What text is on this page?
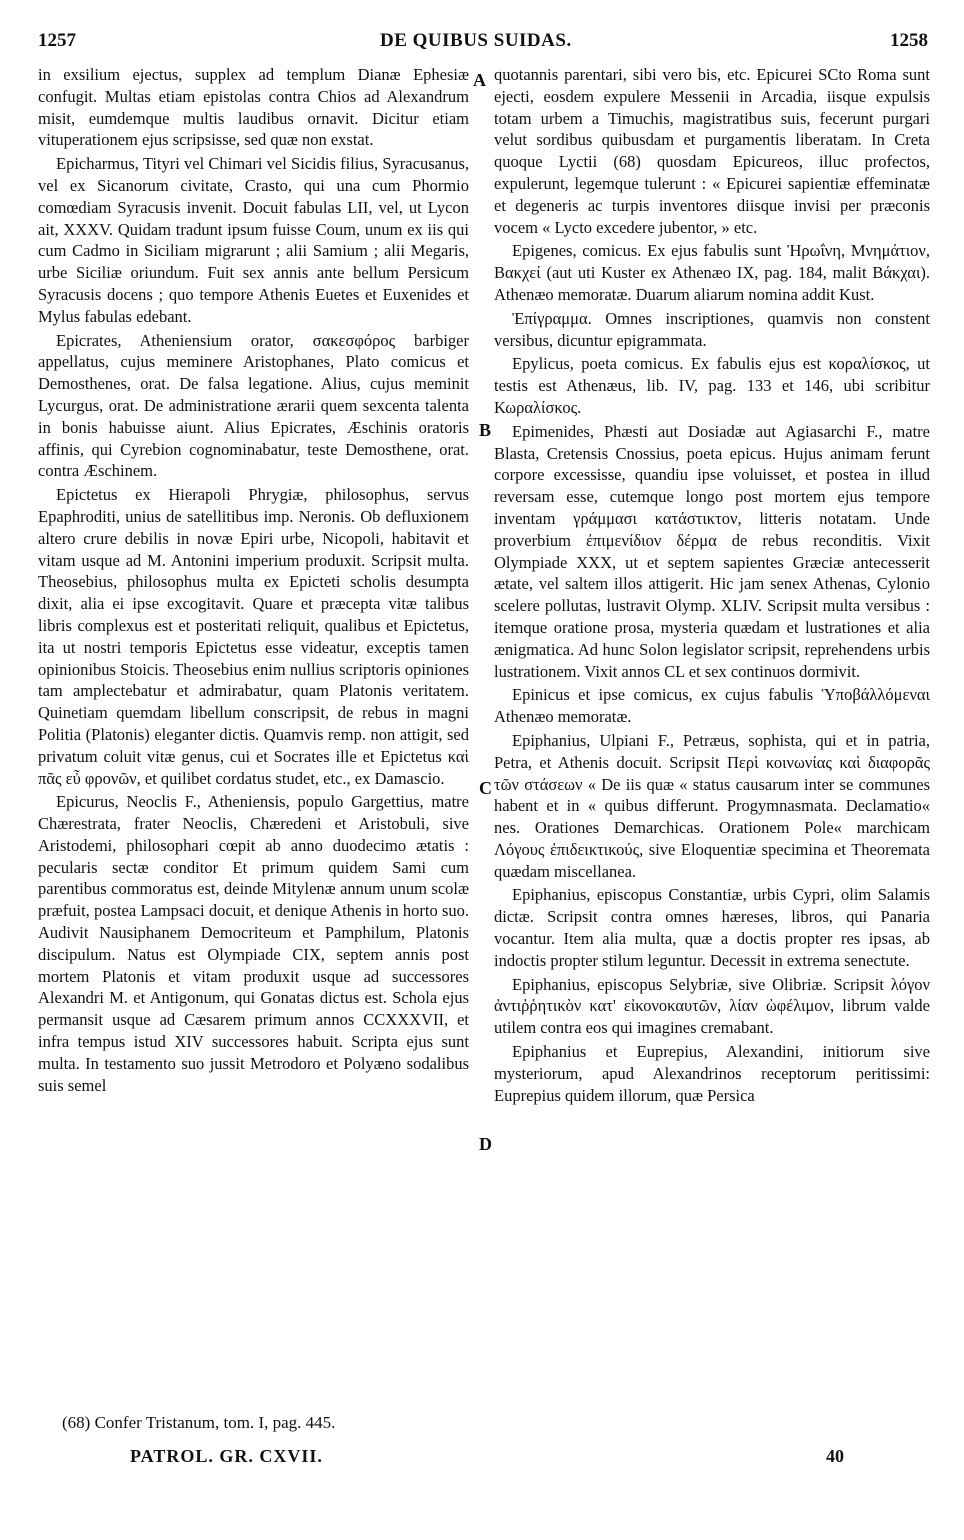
1257	DE QUIBUS SUIDAS.	1258

in exsilium ejectus, supplex ad templum Dianæ Ephesiæ confugit. Multas etiam epistolas contra Chios ad Alexandrum misit, eumdemque multis laudibus ornavit. Dicitur etiam vituperationem ejus scripsisse, sed quæ non exstat.

Epicharmus, Tityri vel Chimari vel Sicidis filius, Syracusanus, vel ex Sicanorum civitate, Crasto, qui una cum Phormio comœdiam Syracusis invenit. Docuit fabulas LII, vel, ut Lycon ait, XXXV. Quidam tradunt ipsum fuisse Coum, unum ex iis qui cum Cadmo in Siciliam migrarunt ; alii Samium ; alii Megaris, urbe Siciliæ oriundum. Fuit sex annis ante bellum Persicum Syracusis docens ; quo tempore Athenis Euetes et Euxenides et Mylus fabulas edebant.

Epicrates, Atheniensium orator, σακεσφόρος barbiger appellatus, cujus meminere Aristophanes, Plato comicus et Demosthenes, orat. De falsa legatione. Alius, cujus meminit Lycurgus, orat. De administratione ærarii quem sexcenta talenta in bonis habuisse aiunt. Alius Epicrates, Æschinis oratoris affinis, qui Cyrebion cognominabatur, teste Demosthene, orat. contra Æschinem.

Epictetus ex Hierapoli Phrygiæ, philosophus, servus Epaphroditi, unius de satellitibus imp. Neronis. Ob defluxionem altero crure debilis in novæ Epiri urbe, Nicopoli, habitavit et vitam usque ad M. Antonini imperium produxit. Scripsit multa. Theosebius, philosophus multa ex Epicteti scholis desumpta dixit, alia ei ipse excogitavit. Quare et præcepta vitæ talibus libris complexus est et posteritati reliquit, qualibus et Epictetus, ita ut nostri temporis Epictetus esse videatur, exceptis tamen opinionibus Stoicis. Theosebius enim nullius scriptoris opiniones tam amplectebatur et admirabatur, quam Platonis veritatem. Quinetiam quemdam libellum conscripsit, de rebus in magni Politia (Platonis) eleganter dictis. Quamvis remp. non attigit, sed privatum coluit vitæ genus, cui et Socrates ille et Epictetus καὶ πᾶς εὖ φρονῶν, et quilibet cordatus studet, etc., ex Damascio.

Epicurus, Neoclis F., Atheniensis, populo Gargettius, matre Chærestrata, frater Neoclis, Chæredeni et Aristobuli, sive Aristodemi, philosophari cœpit ab anno duodecimo ætatis : pecularis sectæ conditor Et primum quidem Sami cum parentibus commoratus est, deinde Mitylenæ annum unum scolæ præfuit, postea Lampsaci docuit, et denique Athenis in horto suo. Audivit Nausiphanem Democriteum et Pamphilum, Platonis discipulum. Natus est Olympiade CIX, septem annis post mortem Platonis et vitam produxit usque ad successores Alexandri M. et Antigonum, qui Gonatas dictus est. Schola ejus permansit usque ad Cæsarem primum annos CCXXXVII, et infra tempus istud XIV successores habuit. Scripta ejus sunt multa. In testamento suo jussit Metrodoro et Polyæno sodalibus suis semel

quotannis parentari, sibi vero bis, etc. Epicurei SCto Roma sunt ejecti, eosdem expulere Messenii in Arcadia, iisque expulsis totam urbem a Timuchis, magistratibus suis, fecerunt purgari velut sordibus quibusdam et purgamentis liberatam. In Creta quoque Lyctii (68) quosdam Epicureos, illuc profectos, expulerunt, legemque tulerunt : « Epicurei sapientiæ effeminatæ et degeneris ac turpis inventores diisque invisi per præconis vocem « Lycto excedere jubentor, » etc.

Epigenes, comicus. Ex ejus fabulis sunt Ἡρωΐνη, Μνημάτιον, Βακχεί (aut uti Kuster ex Athenæo IX, pag. 184, malit Βάκχαι). Athenæo memoratæ. Duarum aliarum nomina addit Kust.

Ἐπίγραμμα. Omnes inscriptiones, quamvis non constent versibus, dicuntur epigrammata.

Epylicus, poeta comicus. Ex fabulis ejus est κοραλίσκος, ut testis est Athenæus, lib. IV, pag. 133 et 146, ubi scribitur Κωραλίσκος.

Epimenides, Phæsti aut Dosiadæ aut Agiasarchi F., matre Blasta, Cretensis Cnossius, poeta epicus. Hujus animam ferunt corpore excessisse, quandiu ipse voluisset, et postea in illud reversam esse, cutemque longo post mortem ejus tempore inventam γράμμασι κατάστικτον, litteris notatam. Unde proverbium ἐπιμενίδιον δέρμα de rebus reconditis. Vixit Olympiade XXX, ut et septem sapientes Græciæ antecesserit ætate, vel saltem illos attigerit. Hic jam senex Athenas, Cylonio scelere pollutas, lustravit Olymp. XLIV. Scripsit multa versibus : itemque oratione prosa, mysteria quædam et lustrationes et alia ænigmatica. Ad hunc Solon legislator scripsit, reprehendens urbis lustrationem. Vixit annos CL et sex continuos dormivit.

Epinicus et ipse comicus, ex cujus fabulis Ὑποβάλλόμεναι Athenæo memoratæ.

Epiphanius, Ulpiani F., Petræus, sophista, qui et in patria, Petra, et Athenis docuit. Scripsit Περὶ κοινωνίας καὶ διαφορᾶς τῶν στάσεων « De iis quæ « status causarum inter se communes habent et in « quibus differunt. Progymnasmata. Declamatio« nes. Orationes Demarchicas. Orationem Pole« marchicam Λόγους ἐπιδεικτικούς, sive Eloquentiæ specimina et Theoremata quædam miscellanea.

Epiphanius, episcopus Constantiæ, urbis Cypri, olim Salamis dictæ. Scripsit contra omnes hæreses, libros, qui Panaria vocantur. Item alia multa, quæ a doctis propter res ipsas, ab indoctis propter stilum leguntur. Decessit in extrema senectute.

Epiphanius, episcopus Selybriæ, sive Olibriæ. Scripsit λόγον ἀντιῤῥητικὸν κατ' εἰκονοκαυτῶν, λίαν ὠφέλιμον, librum valde utilem contra eos qui imagines cremabant.

Epiphanius et Euprepius, Alexandini, initiorum sive mysteriorum, apud Alexandrinos receptorum peritissimi: Euprepius quidem illorum, quæ Persica

A
B
C
D
(68) Confer Tristanum, tom. I, pag. 445.
PATROL. GR. CXVII.	40
